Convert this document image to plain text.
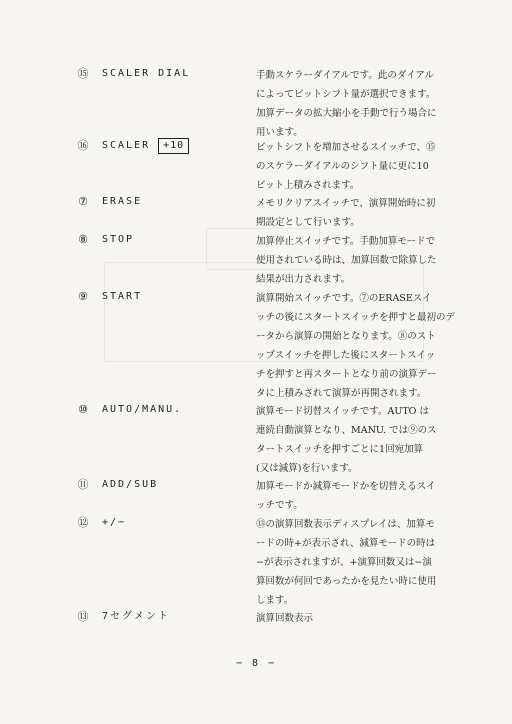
⑮	SCALER DIAL	手動スケラーダイアルです。此のダイアル
によってビットシフト量が選択できます。
加算データの拡大縮小を手動で行う場合に
用います。
⑯	SCALER +10	ビットシフトを増加させるスイッチで、⑮
のスケラーダイアルのシフト量に更に10
ビット上積みされます。
⑦	ERASE	メモリクリアスイッチで、演算開始時に初
期設定として行います。
⑧	STOP	加算停止スイッチです。手動加算モードで
使用されている時は、加算回数で除算した
結果が出力されます。
⑨	START	演算開始スイッチです。⑦のERASEスイ
ッチの後にスタートスイッチを押すと最初のデ
ータから演算の開始となります。⑧のスト
ップスイッチを押した後にスタートスイッ
チを押すと再スタートとなり前の演算デー
タに上積みされて演算が再開されます。
⑩	AUTO/MANU.	演算モード切替スイッチです。AUTO は
連続自動演算となり、MANU. では⑨のス
タートスイッチを押すごとに1回宛加算
(又は減算)を行います。
⑪	ADD/SUB	加算モードか減算モードかを切替えるスイ
ッチです。
⑫	+/−	⑬の演算回数表示ディスプレイは、加算モ
ードの時+が表示され、減算モードの時は
−が表示されますが、+演算回数又は−演
算回数が何回であったかを見たい時に使用
します。
⑬	7セグメント	演算回数表示
− 8 −
